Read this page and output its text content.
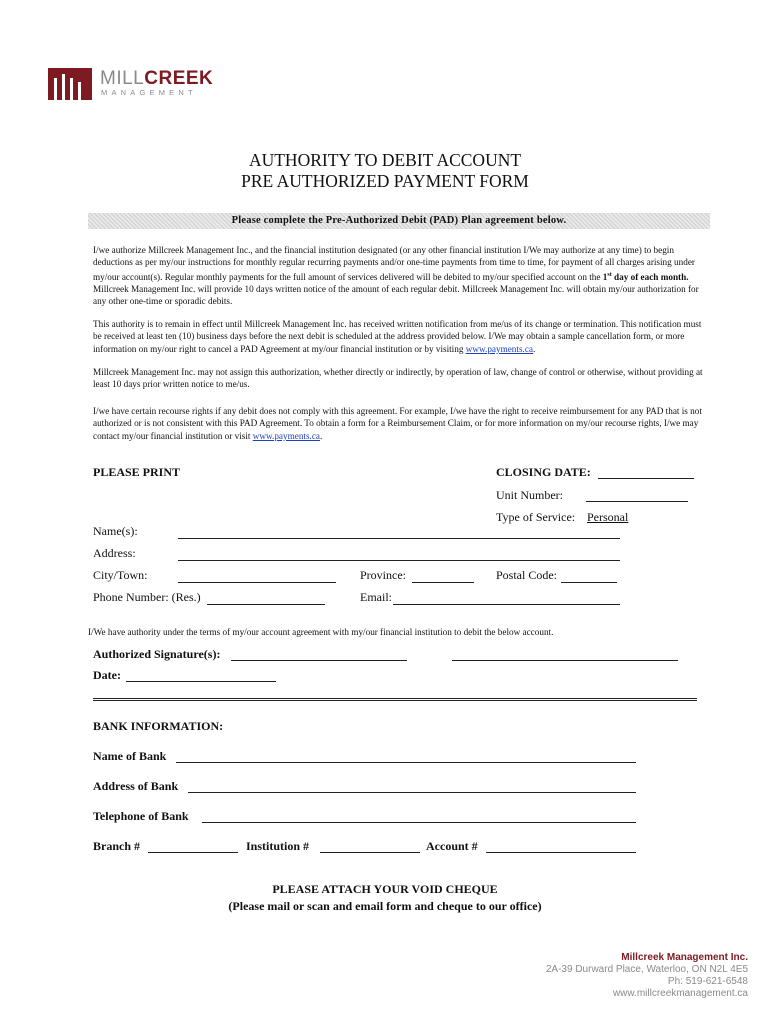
MILLCREEK
MANAGEMENT
AUTHORITY TO DEBIT ACCOUNT
PRE AUTHORIZED PAYMENT FORM
Please complete the Pre-Authorized Debit (PAD) Plan agreement below.
I/we authorize Millcreek Management Inc., and the financial institution designated (or any other financial institution I/We may authorize at any time) to begin deductions as per my/our instructions for monthly regular recurring payments and/or one-time payments from time to time, for payment of all charges arising under my/our account(s). Regular monthly payments for the full amount of services delivered will be debited to my/our specified account on the 1st day of each month. Millcreek Management Inc. will provide 10 days written notice of the amount of each regular debit. Millcreek Management Inc. will obtain my/our authorization for any other one-time or sporadic debits.
This authority is to remain in effect until Millcreek Management Inc. has received written notification from me/us of its change or termination. This notification must be received at least ten (10) business days before the next debit is scheduled at the address provided below. I/We may obtain a sample cancellation form, or more information on my/our right to cancel a PAD Agreement at my/our financial institution or by visiting www.payments.ca.
Millcreek Management Inc. may not assign this authorization, whether directly or indirectly, by operation of law, change of control or otherwise, without providing at least 10 days prior written notice to me/us.
I/we have certain recourse rights if any debit does not comply with this agreement. For example, I/we have the right to receive reimbursement for any PAD that is not authorized or is not consistent with this PAD Agreement. To obtain a form for a Reimbursement Claim, or for more information on my/our recourse rights, I/we may contact my/our financial institution or visit www.payments.ca.
PLEASE PRINT	CLOSING DATE:
Unit Number:
Type of Service: Personal
Name(s):
Address:
City/Town:	Province:	Postal Code:
Phone Number: (Res.)	Email:
I/We have authority under the terms of my/our account agreement with my/our financial institution to debit the below account.
Authorized Signature(s):
Date:
BANK INFORMATION:
Name of Bank
Address of Bank
Telephone of Bank
Branch #	Institution #	Account #
PLEASE ATTACH YOUR VOID CHEQUE
(Please mail or scan and email form and cheque to our office)
Millcreek Management Inc.
2A-39 Durward Place, Waterloo, ON N2L 4E5
Ph: 519-621-6548
www.millcreekmanagement.ca
